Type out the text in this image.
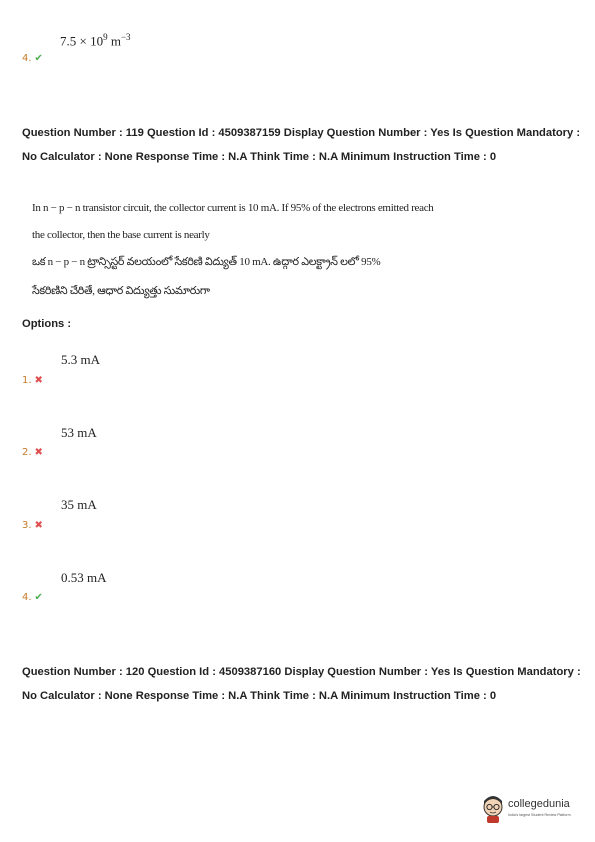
$7.5 \times 10^9$ $m^{-3}$
4. ✔
Question Number : 119 Question Id : 4509387159 Display Question Number : Yes Is Question Mandatory : No Calculator : None Response Time : N.A Think Time : N.A Minimum Instruction Time : 0
In n − p − n transistor circuit, the collector current is 10 mA. If 95% of the electrons emitted reach
the collector, then the base current is nearly
ఒక n − p − n ట్రాన్సిస్టర్ వలయంలో సేకరిణి విద్యుత్ 10 mA. ఉద్గార ఎలక్ట్రాన్ లలో 95%
సేకరిణిని చేరితే, ఆధార విద్యుత్తు సుమారుగా
Options :
5.3 mA
1. ✖
53 mA
2. ✖
35 mA
3. ✖
0.53 mA
4. ✔
Question Number : 120 Question Id : 4509387160 Display Question Number : Yes Is Question Mandatory : No Calculator : None Response Time : N.A Think Time : N.A Minimum Instruction Time : 0
collegedunia
India's largest Student Review Platform
